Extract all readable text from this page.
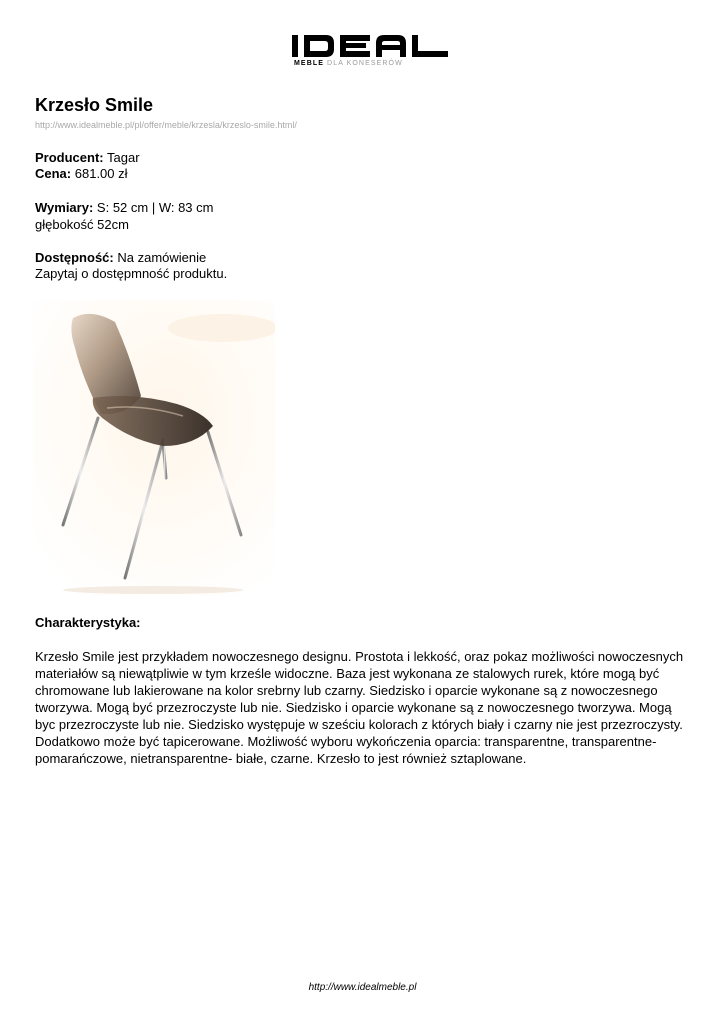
MEBLE DLA KONESERÓW
Krzesło Smile
http://www.idealmeble.pl/pl/offer/meble/krzesla/krzeslo-smile.html/
Producent: Tagar
Cena: 681.00 zł
Wymiary: S: 52 cm | W: 83 cm
głębokość 52cm
Dostępność: Na zamówienie
Zapytaj o dostępmność produktu.
Charakterystyka:

Krzesło Smile jest przykładem nowoczesnego designu. Prostota i lekkość, oraz pokaz możliwości nowoczesnych materiałów są niewątpliwie w tym krześle widoczne. Baza jest wykonana ze stalowych rurek, które mogą być chromowane lub lakierowane na kolor srebrny lub czarny. Siedzisko i oparcie wykonane są z nowoczesnego tworzywa. Mogą być przezroczyste lub nie. Siedzisko i oparcie wykonane są z nowoczesnego tworzywa. Mogą byc przezroczyste lub nie. Siedzisko występuje w sześciu kolorach z których biały i czarny nie jest przezroczysty. Dodatkowo może być tapicerowane. Możliwość wyboru wykończenia oparcia: transparentne, transparentne-pomarańczowe, nietransparentne- białe, czarne. Krzesło to jest również sztaplowane.

http://www.idealmeble.pl
